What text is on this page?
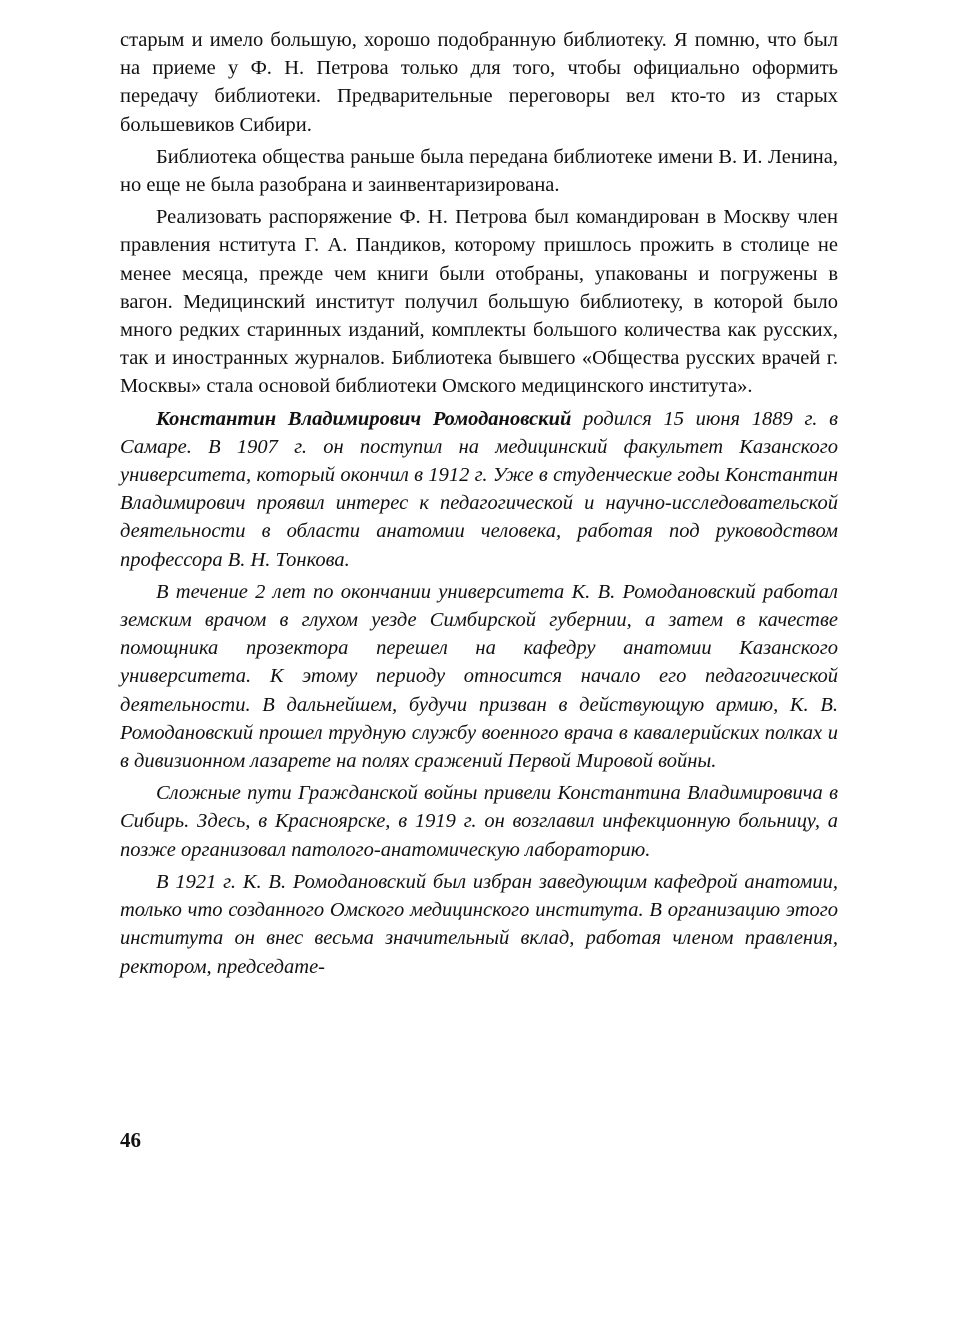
старым и имело большую, хорошо подобранную библиотеку. Я помню, что был на приеме у Ф. Н. Петрова только для того, чтобы официально оформить передачу библиотеки. Предварительные переговоры вел кто-то из старых большевиков Сибири.

Библиотека общества раньше была передана библиотеке имени В. И. Ленина, но еще не была разобрана и заинвентаризирована.

Реализовать распоряжение Ф. Н. Петрова был командирован в Москву член правления нститута Г. А. Пандиков, которому пришлось прожить в столице не менее месяца, прежде чем книги были отобраны, упакованы и погружены в вагон. Медицинский институт получил большую библиотеку, в которой было много редких старинных изданий, комплекты большого количества как русских, так и иностранных журналов. Библиотека бывшего «Общества русских врачей г. Москвы» стала основой библиотеки Омского медицинского института».

Константин Владимирович Ромодановский родился 15 июня 1889 г. в Самаре. В 1907 г. он поступил на медицинский факультет Казанского университета, который окончил в 1912 г. Уже в студенческие годы Константин Владимирович проявил интерес к педагогической и научно-исследовательской деятельности в области анатомии человека, работая под руководством профессора В. Н. Тонкова.

В течение 2 лет по окончании университета К. В. Ромодановский работал земским врачом в глухом уезде Симбирской губернии, а затем в качестве помощника прозектора перешел на кафедру анатомии Казанского университета. К этому периоду относится начало его педагогической деятельности. В дальнейшем, будучи призван в действующую армию, К. В. Ромодановский прошел трудную службу военного врача в кавалерийских полках и в дивизионном лазарете на полях сражений Первой Мировой войны.

Сложные пути Гражданской войны привели Константина Владимировича в Сибирь. Здесь, в Красноярске, в 1919 г. он возглавил инфекционную больницу, а позже организовал патолого-анатомическую лабораторию.

В 1921 г. К. В. Ромодановский был избран заведующим кафедрой анатомии, только что созданного Омского медицинского института. В организацию этого института он внес весьма значительный вклад, работая членом правления, ректором, председате-

46
